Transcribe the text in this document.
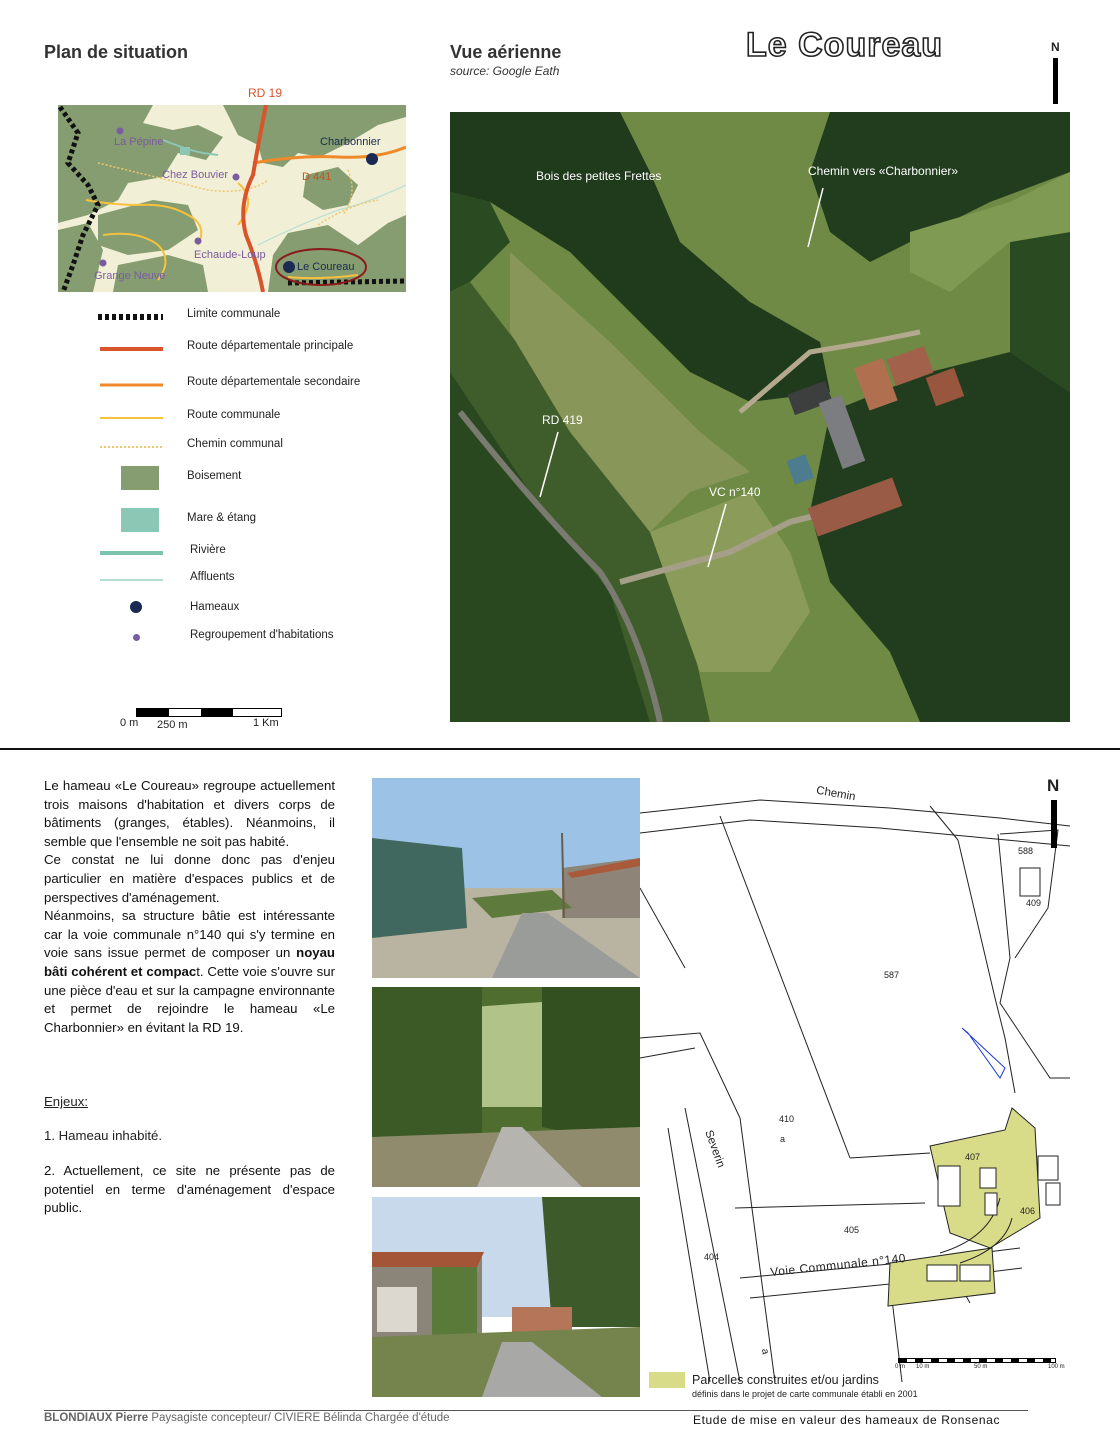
Plan de situation	Vue aérienne
source: Google Eath
Le Coureau	N
RD 19
La Pépine	Charbonnier
Chez Bouvier	D 441
Echaude-Loup
Grange Neuve
Le Coureau
Limite communale
Route départementale principale
Route départementale secondaire
Route communale
Chemin communal
Boisement
Mare & étang
Rivière
Affluents
Hameaux
Regroupement d'habitations
0 m 250 m	1 Km
Bois des petites Frettes	Chemin vers «Charbonnier»
RD 419
VC n°140

Le hameau «Le Coureau» regroupe actuellement trois maisons d'habitation et divers corps de bâtiments (granges, étables). Néanmoins, il semble que l'ensemble ne soit pas habité.

Ce constat ne lui donne donc pas d'enjeu particulier en matière d'espaces publics et de perspectives d'aménagement.

Néanmoins, sa structure bâtie est intéressante car la voie communale n°140 qui s'y termine en voie sans issue permet de composer un noyau bâti cohérent et compact. Cette voie s'ouvre sur une pièce d'eau et sur la campagne environnante et permet de rejoindre le hameau «Le Charbonnier» en évitant la RD 19.

Enjeux:
1. Hameau inhabité.
2. Actuellement, ce site ne présente pas de potentiel en terme d'aménagement d'espace public.
Chemin
Severin
Voie Communale n°140
588
409
587
410
a
407
406
405
404
a
0 m 10 m	50 m	100 m
N
Parcelles construites et/ou jardins
définis dans le projet de carte communale établi en 2001
BLONDIAUX Pierre Paysagiste concepteur/ CIVIERE Bélinda Chargée d'étude	Etude de mise en valeur des hameaux de Ronsenac
